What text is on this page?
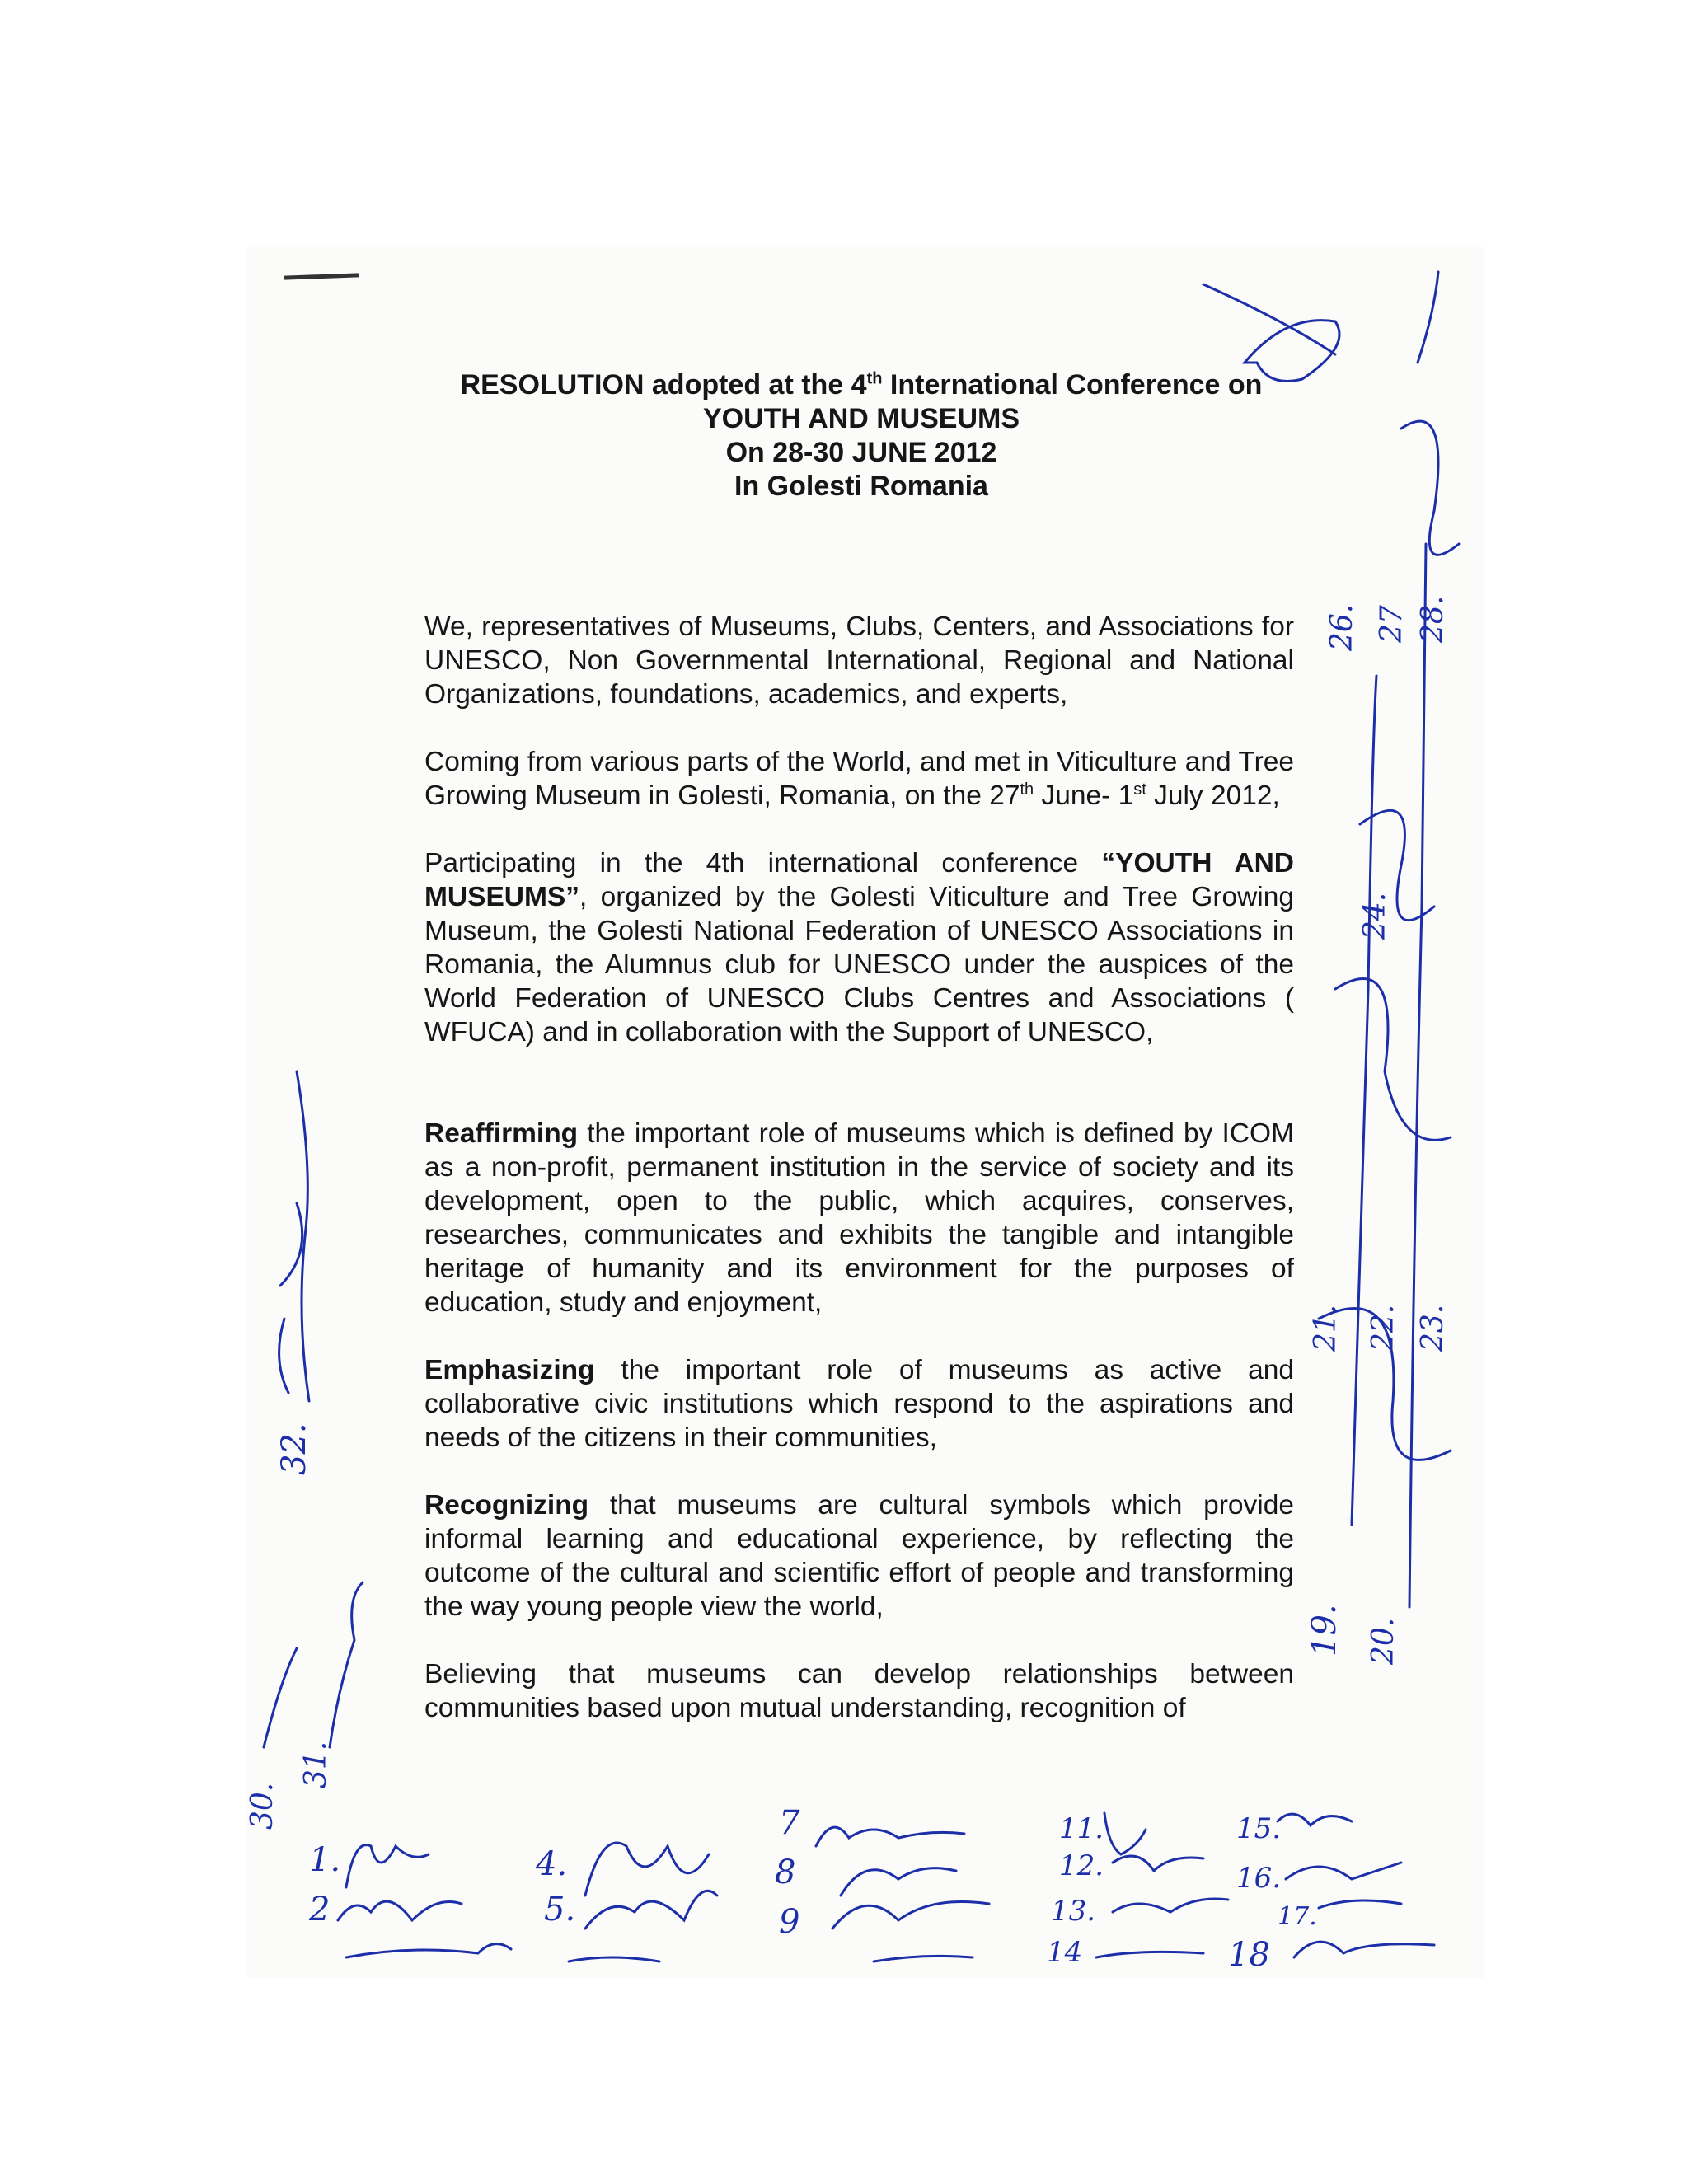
RESOLUTION adopted at the 4th International Conference on
YOUTH AND MUSEUMS
On 28-30 JUNE 2012
In Golesti Romania

We, representatives of Museums, Clubs, Centers, and Associations for UNESCO, Non Governmental International, Regional and National Organizations, foundations, academics, and experts,

Coming from various parts of the World, and met in Viticulture and Tree Growing Museum in Golesti, Romania, on the 27th June- 1st July 2012,

Participating in the 4th international conference “YOUTH AND MUSEUMS”, organized by the Golesti Viticulture and Tree Growing Museum, the Golesti National Federation of UNESCO Associations in Romania, the Alumnus club for UNESCO under the auspices of the World Federation of UNESCO Clubs Centres and Associations ( WFUCA) and in collaboration with the Support of UNESCO,

Reaffirming the important role of museums which is defined by ICOM as a non-profit, permanent institution in the service of society and its development, open to the public, which acquires, conserves, researches, communicates and exhibits the tangible and intangible heritage of humanity and its environment for the purposes of education, study and enjoyment,

Emphasizing the important role of museums as active and collaborative civic institutions which respond to the aspirations and needs of the citizens in their communities,

Recognizing that museums are cultural symbols which provide informal learning and educational experience, by reflecting the outcome of the cultural and scientific effort of people and transforming the way young people view the world,

Believing that museums can develop relationships between communities based upon mutual understanding, recognition of

19. 20.
21. 22. 23.
24.
26. 27 28.
32.
30.
31.
1.
2
4.
5.
7
8
9
11.
12.
13.
14
15.
16.
17.
18
